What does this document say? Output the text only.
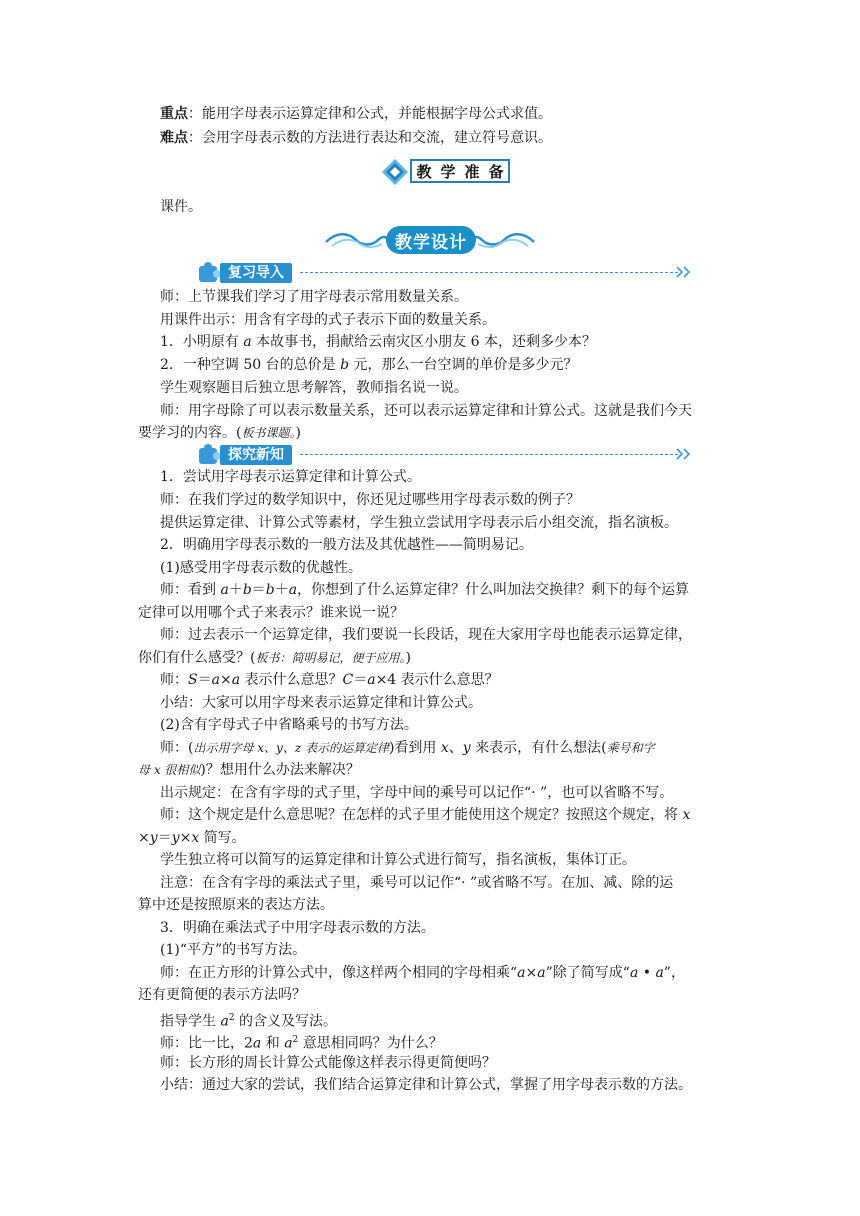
重点：能用字母表示运算定律和公式，并能根据字母公式求值。
难点：会用字母表示数的方法进行表达和交流，建立符号意识。
教 学 准 备
课件。
教学设计
复习导入
师：上节课我们学习了用字母表示常用数量关系。
用课件出示：用含有字母的式子表示下面的数量关系。
1．小明原有 a 本故事书，捐献给云南灾区小朋友 6 本，还剩多少本？
2．一种空调 50 台的总价是 b 元，那么一台空调的单价是多少元？
学生观察题目后独立思考解答，教师指名说一说。
师：用字母除了可以表示数量关系，还可以表示运算定律和计算公式。这就是我们今天
要学习的内容。(板书课题。)
探究新知
1．尝试用字母表示运算定律和计算公式。
师：在我们学过的数学知识中，你还见过哪些用字母表示数的例子？
提供运算定律、计算公式等素材，学生独立尝试用字母表示后小组交流，指名演板。
2．明确用字母表示数的一般方法及其优越性——简明易记。
(1)感受用字母表示数的优越性。
师：看到 a＋b＝b＋a，你想到了什么运算定律？什么叫加法交换律？剩下的每个运算
定律可以用哪个式子来表示？谁来说一说？
师：过去表示一个运算定律，我们要说一长段话，现在大家用字母也能表示运算定律，
你们有什么感受？(板书：简明易记，便于应用。)
师：S＝a×a 表示什么意思？C＝a×4 表示什么意思？
小结：大家可以用字母来表示运算定律和计算公式。
(2)含有字母式子中省略乘号的书写方法。
师：(出示用字母 x、y、z 表示的运算定律)看到用 x、y 来表示，有什么想法(乘号和字
母 x 很相似)？想用什么办法来解决？
出示规定：在含有字母的式子里，字母中间的乘号可以记作“· ”，也可以省略不写。
师：这个规定是什么意思呢？在怎样的式子里才能使用这个规定？按照这个规定，将 x
×y＝y×x 简写。
学生独立将可以简写的运算定律和计算公式进行简写，指名演板，集体订正。
注意：在含有字母的乘法式子里，乘号可以记作“· ”或省略不写。在加、减、除的运
算中还是按照原来的表达方法。
3．明确在乘法式子中用字母表示数的方法。
(1)“平方”的书写方法。
师：在正方形的计算公式中，像这样两个相同的字母相乘“a×a”除了简写成“a • a”，
还有更简便的表示方法吗？
指导学生 $a^2$ 的含义及写法。
师：比一比，2a 和 $a^2$ 意思相同吗？为什么？
师：长方形的周长计算公式能像这样表示得更简便吗？
小结：通过大家的尝试，我们结合运算定律和计算公式，掌握了用字母表示数的方法。
